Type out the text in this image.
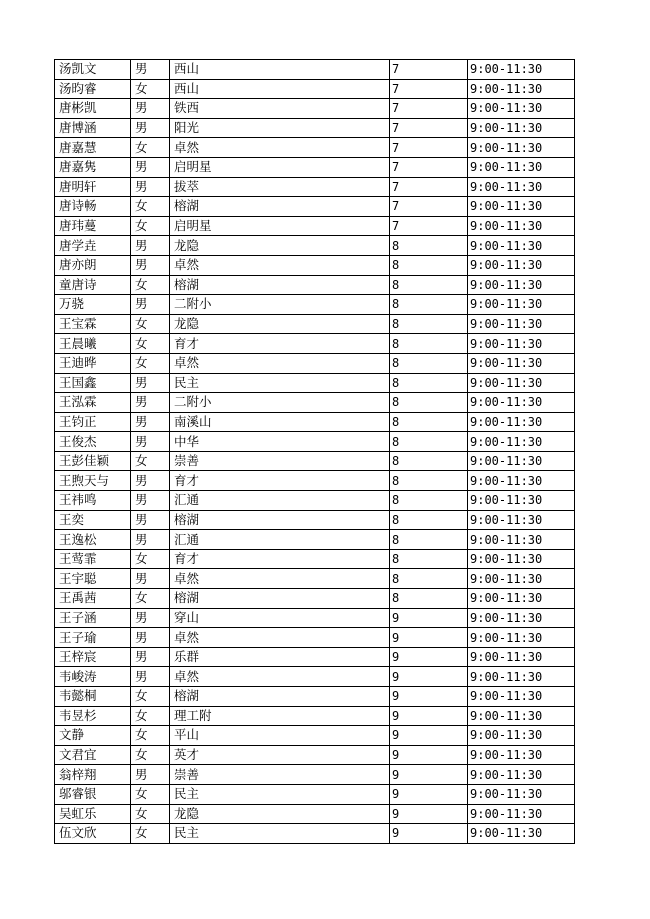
汤凯文	男	西山	7	9:00-11:30
汤昀睿	女	西山	7	9:00-11:30
唐彬凯	男	铁西	7	9:00-11:30
唐博涵	男	阳光	7	9:00-11:30
唐嘉慧	女	卓然	7	9:00-11:30
唐嘉隽	男	启明星	7	9:00-11:30
唐明轩	男	拔萃	7	9:00-11:30
唐诗畅	女	榕湖	7	9:00-11:30
唐玮蔓	女	启明星	7	9:00-11:30
唐学垚	男	龙隐	8	9:00-11:30
唐亦朗	男	卓然	8	9:00-11:30
童唐诗	女	榕湖	8	9:00-11:30
万骁	男	二附小	8	9:00-11:30
王宝霖	女	龙隐	8	9:00-11:30
王晨曦	女	育才	8	9:00-11:30
王迪晔	女	卓然	8	9:00-11:30
王国鑫	男	民主	8	9:00-11:30
王泓霖	男	二附小	8	9:00-11:30
王钧正	男	南溪山	8	9:00-11:30
王俊杰	男	中华	8	9:00-11:30
王彭佳颖	女	崇善	8	9:00-11:30
王煦天与	男	育才	8	9:00-11:30
王祎鸣	男	汇通	8	9:00-11:30
王奕	男	榕湖	8	9:00-11:30
王逸松	男	汇通	8	9:00-11:30
王莺霏	女	育才	8	9:00-11:30
王宇聪	男	卓然	8	9:00-11:30
王禹茜	女	榕湖	8	9:00-11:30
王子涵	男	穿山	9	9:00-11:30
王子瑜	男	卓然	9	9:00-11:30
王梓宸	男	乐群	9	9:00-11:30
韦峻涛	男	卓然	9	9:00-11:30
韦懿桐	女	榕湖	9	9:00-11:30
韦昱杉	女	理工附	9	9:00-11:30
文静	女	平山	9	9:00-11:30
文君宜	女	英才	9	9:00-11:30
翁梓翔	男	崇善	9	9:00-11:30
邬睿银	女	民主	9	9:00-11:30
吴虹乐	女	龙隐	9	9:00-11:30
伍文欣	女	民主	9	9:00-11:30
